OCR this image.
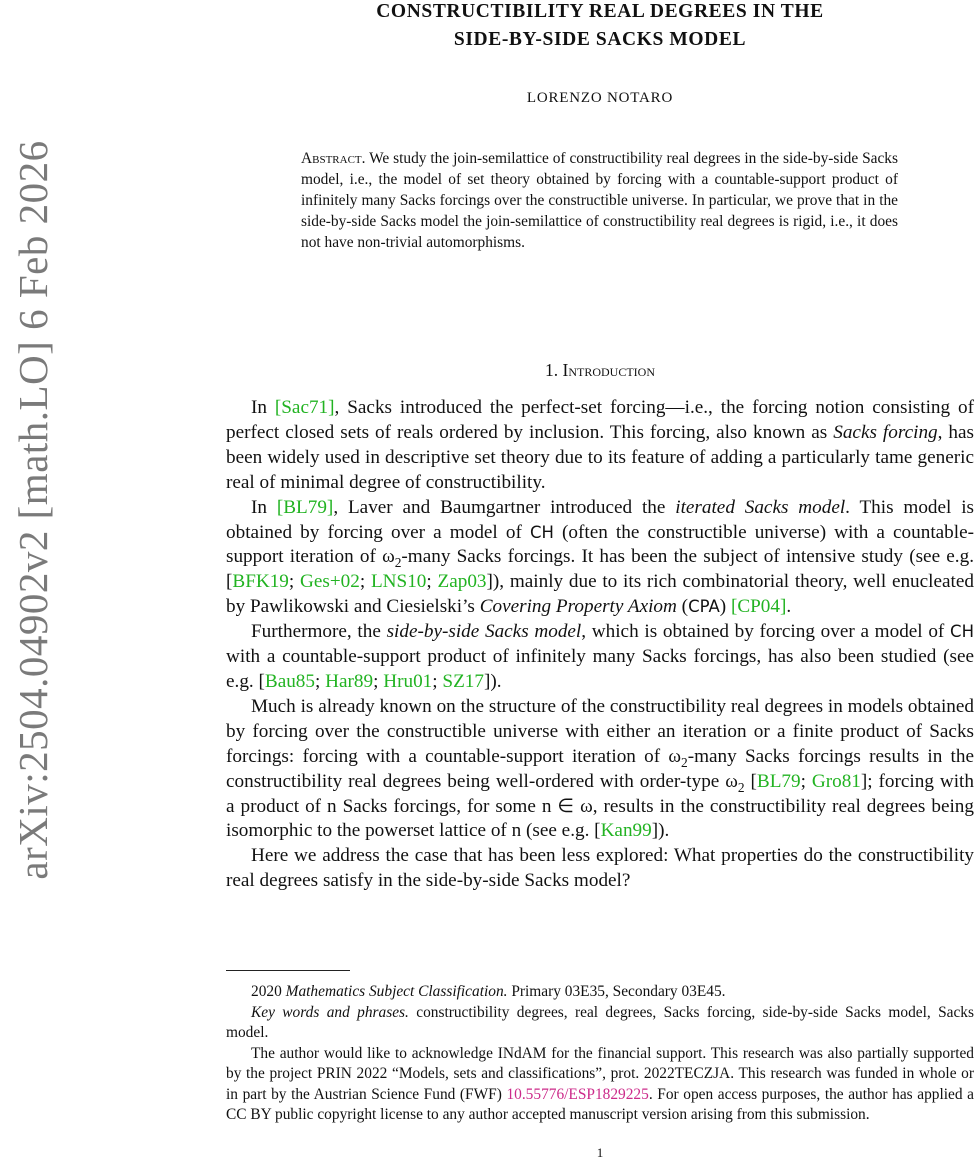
arXiv:2504.04902v2 [math.LO] 6 Feb 2026
CONSTRUCTIBILITY REAL DEGREES IN THE
SIDE-BY-SIDE SACKS MODEL
LORENZO NOTARO
Abstract. We study the join-semilattice of constructibility real degrees in the side-by-side Sacks model, i.e., the model of set theory obtained by forcing with a countable-support product of infinitely many Sacks forcings over the constructible universe. In particular, we prove that in the side-by-side Sacks model the join-semilattice of constructibility real degrees is rigid, i.e., it does not have non-trivial automorphisms.
1. Introduction

In [Sac71], Sacks introduced the perfect-set forcing—i.e., the forcing notion consisting of perfect closed sets of reals ordered by inclusion. This forcing, also known as Sacks forcing, has been widely used in descriptive set theory due to its feature of adding a particularly tame generic real of minimal degree of constructibility.

In [BL79], Laver and Baumgartner introduced the iterated Sacks model. This model is obtained by forcing over a model of CH (often the constructible universe) with a countable-support iteration of $\omega_2$-many Sacks forcings. It has been the subject of intensive study (see e.g. [BFK19; Ges+02; LNS10; Zap03]), mainly due to its rich combinatorial theory, well enucleated by Pawlikowski and Ciesielski’s Covering Property Axiom (CPA) [CP04].

Furthermore, the side-by-side Sacks model, which is obtained by forcing over a model of CH with a countable-support product of infinitely many Sacks forcings, has also been studied (see e.g. [Bau85; Har89; Hru01; SZ17]).

Much is already known on the structure of the constructibility real degrees in models obtained by forcing over the constructible universe with either an iteration or a finite product of Sacks forcings: forcing with a countable-support iteration of $\omega_2$-many Sacks forcings results in the constructibility real degrees being well-ordered with order-type $\omega_2$ [BL79; Gro81]; forcing with a product of n Sacks forcings, for some n ∈ ω, results in the constructibility real degrees being isomorphic to the powerset lattice of n (see e.g. [Kan99]).

Here we address the case that has been less explored: What properties do the constructibility real degrees satisfy in the side-by-side Sacks model?

2020 Mathematics Subject Classification. Primary 03E35, Secondary 03E45.

Key words and phrases. constructibility degrees, real degrees, Sacks forcing, side-by-side Sacks model, Sacks model.

The author would like to acknowledge INdAM for the financial support. This research was also partially supported by the project PRIN 2022 “Models, sets and classifications”, prot. 2022TECZJA. This research was funded in whole or in part by the Austrian Science Fund (FWF) 10.55776/ESP1829225. For open access purposes, the author has applied a CC BY public copyright license to any author accepted manuscript version arising from this submission.

1
